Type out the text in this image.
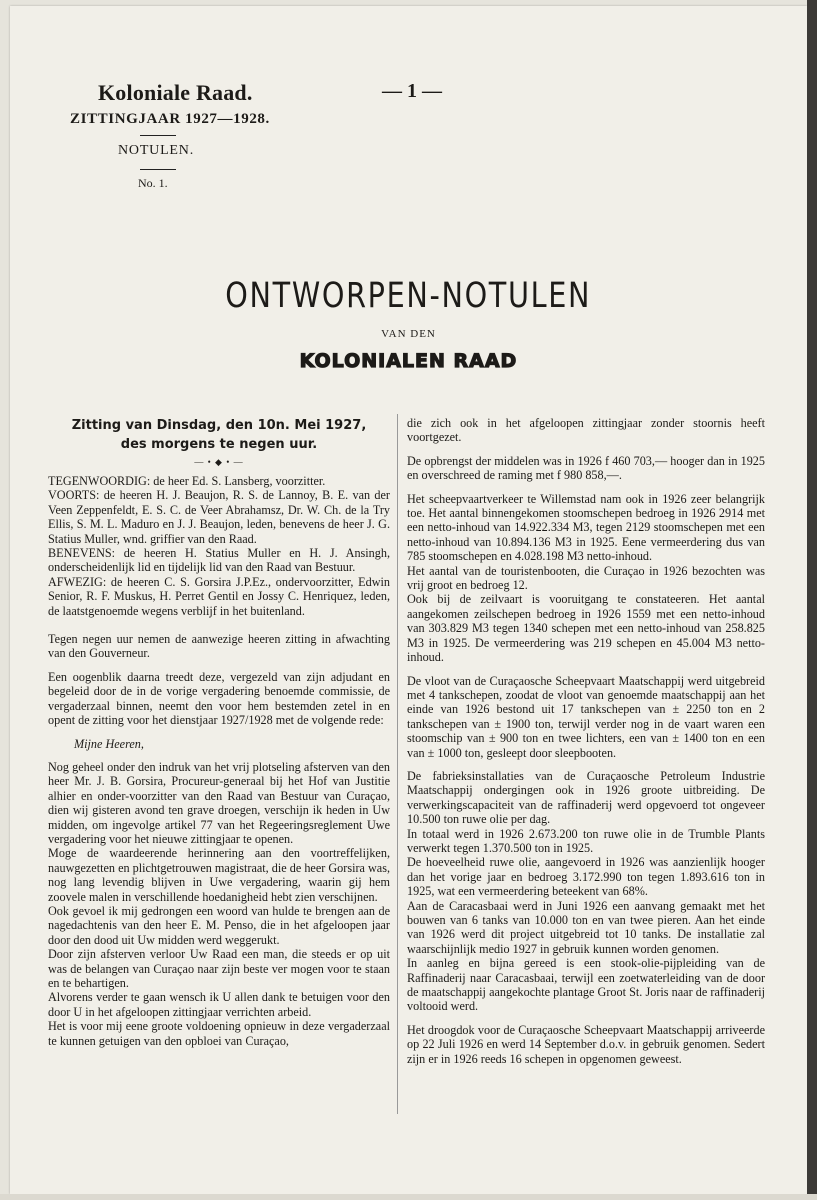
Koloniale Raad.
ZITTINGJAAR 1927—1928.
— 1 —
NOTULEN.
No. 1.
ONTWORPEN-NOTULEN
VAN DEN
KOLONIALEN RAAD
Zitting van Dinsdag, den 10n. Mei 1927,
des morgens te negen uur.
— • ◆ • —

TEGENWOORDIG: de heer Ed. S. Lansberg, voorzitter.

VOORTS: de heeren H. J. Beaujon, R. S. de Lannoy, B. E. van der Veen Zeppenfeldt, E. S. C. de Veer Abrahamsz, Dr. W. Ch. de la Try Ellis, S. M. L. Maduro en J. J. Beaujon, leden, benevens de heer J. G. Statius Muller, wnd. griffier van den Raad.

BENEVENS: de heeren H. Statius Muller en H. J. Ansingh, onderscheidenlijk lid en tijdelijk lid van den Raad van Bestuur.

AFWEZIG: de heeren C. S. Gorsira J.P.Ez., ondervoorzitter, Edwin Senior, R. F. Muskus, H. Perret Gentil en Jossy C. Henriquez, leden, de laatstgenoemde wegens verblijf in het buitenland.

Tegen negen uur nemen de aanwezige heeren zitting in afwachting van den Gouverneur.

Een oogenblik daarna treedt deze, vergezeld van zijn adjudant en begeleid door de in de vorige vergadering benoemde commissie, de vergaderzaal binnen, neemt den voor hem bestemden zetel in en opent de zitting voor het dienstjaar 1927/1928 met de volgende rede:

Mijne Heeren,

Nog geheel onder den indruk van het vrij plotseling afsterven van den heer Mr. J. B. Gorsira, Procureur-generaal bij het Hof van Justitie alhier en onder-voorzitter van den Raad van Bestuur van Curaçao, dien wij gisteren avond ten grave droegen, verschijn ik heden in Uw midden, om ingevolge artikel 77 van het Regeeringsreglement Uwe vergadering voor het nieuwe zittingjaar te openen.

Moge de waardeerende herinnering aan den voortreffelijken, nauwgezetten en plichtgetrouwen magistraat, die de heer Gorsira was, nog lang levendig blijven in Uwe vergadering, waarin gij hem zoovele malen in verschillende hoedanigheid hebt zien verschijnen.

Ook gevoel ik mij gedrongen een woord van hulde te brengen aan de nagedachtenis van den heer E. M. Penso, die in het afgeloopen jaar door den dood uit Uw midden werd weggerukt.

Door zijn afsterven verloor Uw Raad een man, die steeds er op uit was de belangen van Curaçao naar zijn beste ver mogen voor te staan en te behartigen.

Alvorens verder te gaan wensch ik U allen dank te betuigen voor den door U in het afgeloopen zittingjaar verrichten arbeid.

Het is voor mij eene groote voldoening opnieuw in deze vergaderzaal te kunnen getuigen van den opbloei van Curaçao,

die zich ook in het afgeloopen zittingjaar zonder stoornis heeft voortgezet.

De opbrengst der middelen was in 1926 f 460 703,— hooger dan in 1925 en overschreed de raming met f 980 858,—.

Het scheepvaartverkeer te Willemstad nam ook in 1926 zeer belangrijk toe. Het aantal binnengekomen stoomschepen bedroeg in 1926 2914 met een netto-inhoud van 14.922.334 M3, tegen 2129 stoomschepen met een netto-inhoud van 10.894.136 M3 in 1925. Eene vermeerdering dus van 785 stoomschepen en 4.028.198 M3 netto-inhoud.

Het aantal van de touristenbooten, die Curaçao in 1926 bezochten was vrij groot en bedroeg 12.

Ook bij de zeilvaart is vooruitgang te constateeren. Het aantal aangekomen zeilschepen bedroeg in 1926 1559 met een netto-inhoud van 303.829 M3 tegen 1340 schepen met een netto-inhoud van 258.825 M3 in 1925. De vermeerdering was 219 schepen en 45.004 M3 netto-inhoud.

De vloot van de Curaçaosche Scheepvaart Maatschappij werd uitgebreid met 4 tankschepen, zoodat de vloot van genoemde maatschappij aan het einde van 1926 bestond uit 17 tankschepen van ± 2250 ton en 2 tankschepen van ± 1900 ton, terwijl verder nog in de vaart waren een stoomschip van ± 900 ton en twee lichters, een van ± 1400 ton en een van ± 1000 ton, gesleept door sleepbooten.

De fabrieksinstallaties van de Curaçaosche Petroleum Industrie Maatschappij ondergingen ook in 1926 groote uitbreiding. De verwerkingscapaciteit van de raffinaderij werd opgevoerd tot ongeveer 10.500 ton ruwe olie per dag.

In totaal werd in 1926 2.673.200 ton ruwe olie in de Trumble Plants verwerkt tegen 1.370.500 ton in 1925.

De hoeveelheid ruwe olie, aangevoerd in 1926 was aanzienlijk hooger dan het vorige jaar en bedroeg 3.172.990 ton tegen 1.893.616 ton in 1925, wat een vermeerdering beteekent van 68%.

Aan de Caracasbaai werd in Juni 1926 een aanvang gemaakt met het bouwen van 6 tanks van 10.000 ton en van twee pieren. Aan het einde van 1926 werd dit project uitgebreid tot 10 tanks. De installatie zal waarschijnlijk medio 1927 in gebruik kunnen worden genomen.

In aanleg en bijna gereed is een stook-olie-pijpleiding van de Raffinaderij naar Caracasbaai, terwijl een zoetwaterleiding van de door de maatschappij aangekochte plantage Groot St. Joris naar de raffinaderij voltooid werd.

Het droogdok voor de Curaçaosche Scheepvaart Maatschappij arriveerde op 22 Juli 1926 en werd 14 September d.o.v. in gebruik genomen. Sedert zijn er in 1926 reeds 16 schepen in opgenomen geweest.
